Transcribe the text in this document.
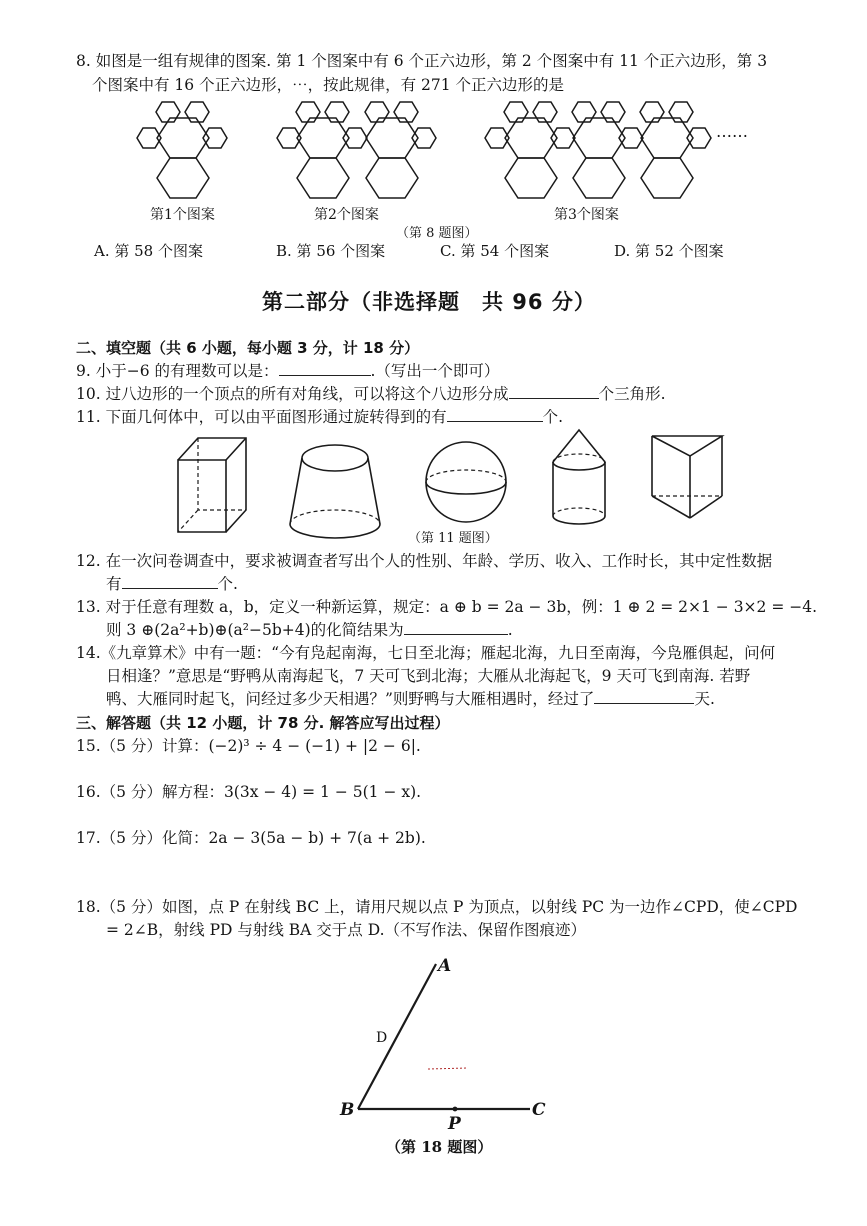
8. 如图是一组有规律的图案. 第 1 个图案中有 6 个正六边形，第 2 个图案中有 11 个正六边形，第 3
个图案中有 16 个正六边形，⋯，按此规律，有 271 个正六边形的是
……
第1个图案	第2个图案	第3个图案
（第 8 题图）
A. 第 58 个图案	B. 第 56 个图案	C. 第 54 个图案	D. 第 52 个图案
第二部分（非选择题　共 96 分）
二、填空题（共 6 小题，每小题 3 分，计 18 分）
9. 小于−6 的有理数可以是：	.（写出一个即可）
10. 过八边形的一个顶点的所有对角线，可以将这个八边形分成	个三角形.
11. 下面几何体中，可以由平面图形通过旋转得到的有	个.
（第 11 题图）
12. 在一次问卷调查中，要求被调查者写出个人的性别、年龄、学历、收入、工作时长，其中定性数据
有	个.
13. 对于任意有理数 a，b，定义一种新运算，规定：a ⊕ b = 2a − 3b，例：1 ⊕ 2 = 2×1 − 3×2 = −4.
则 3 ⊕(2a²+b)⊕(a²−5b+4)的化简结果为	.
14.《九章算术》中有一题：“今有凫起南海，七日至北海；雁起北海，九日至南海，今凫雁俱起，问何
日相逢？”意思是“野鸭从南海起飞，7 天可飞到北海；大雁从北海起飞，9 天可飞到南海. 若野
鸭、大雁同时起飞，问经过多少天相遇？”则野鸭与大雁相遇时，经过了	天.
三、解答题（共 12 小题，计 78 分. 解答应写出过程）
15.（5 分）计算：(−2)³ ÷ 4 − (−1) + |2 − 6|.
16.（5 分）解方程：3(3x − 4) = 1 − 5(1 − x).
17.（5 分）化简：2a − 3(5a − b) + 7(a + 2b).
18.（5 分）如图，点 P 在射线 BC 上，请用尺规以点 P 为顶点，以射线 PC 为一边作∠CPD，使∠CPD
= 2∠B，射线 PD 与射线 BA 交于点 D.（不写作法、保留作图痕迹）
A
D
B	C
P
（第 18 题图）
